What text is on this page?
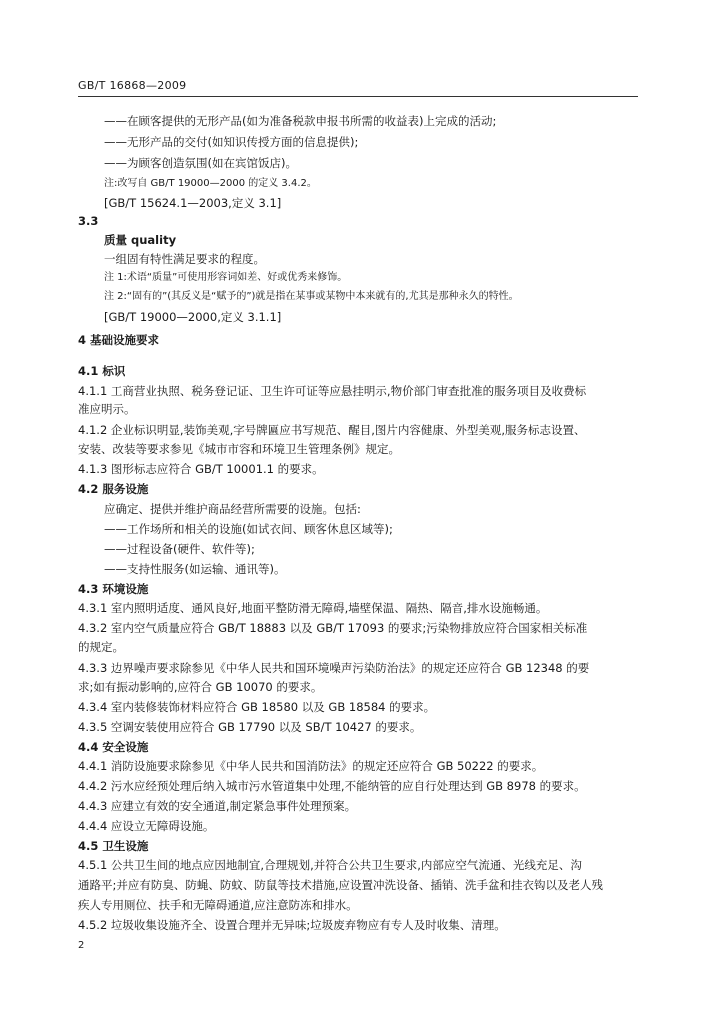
GB/T 16868—2009
——在顾客提供的无形产品(如为准备税款申报书所需的收益表)上完成的活动;
——无形产品的交付(如知识传授方面的信息提供);
——为顾客创造氛围(如在宾馆饭店)。
注:改写自 GB/T 19000—2000 的定义 3.4.2。
[GB/T 15624.1—2003,定义 3.1]
3.3
质量 quality
一组固有特性满足要求的程度。
注 1:术语“质量”可使用形容词如差、好或优秀来修饰。
注 2:“固有的”(其反义是“赋予的”)就是指在某事或某物中本来就有的,尤其是那种永久的特性。
[GB/T 19000—2000,定义 3.1.1]
4 基础设施要求
4.1 标识
4.1.1 工商营业执照、税务登记证、卫生许可证等应悬挂明示,物价部门审查批准的服务项目及收费标
准应明示。
4.1.2 企业标识明显,装饰美观,字号牌匾应书写规范、醒目,图片内容健康、外型美观,服务标志设置、
安装、改装等要求参见《城市市容和环境卫生管理条例》规定。
4.1.3 图形标志应符合 GB/T 10001.1 的要求。
4.2 服务设施
应确定、提供并维护商品经营所需要的设施。包括:
——工作场所和相关的设施(如试衣间、顾客休息区域等);
——过程设备(硬件、软件等);
——支持性服务(如运输、通讯等)。
4.3 环境设施
4.3.1 室内照明适度、通风良好,地面平整防滑无障碍,墙壁保温、隔热、隔音,排水设施畅通。
4.3.2 室内空气质量应符合 GB/T 18883 以及 GB/T 17093 的要求;污染物排放应符合国家相关标准
的规定。
4.3.3 边界噪声要求除参见《中华人民共和国环境噪声污染防治法》的规定还应符合 GB 12348 的要
求;如有振动影响的,应符合 GB 10070 的要求。
4.3.4 室内装修装饰材料应符合 GB 18580 以及 GB 18584 的要求。
4.3.5 空调安装使用应符合 GB 17790 以及 SB/T 10427 的要求。
4.4 安全设施
4.4.1 消防设施要求除参见《中华人民共和国消防法》的规定还应符合 GB 50222 的要求。
4.4.2 污水应经预处理后纳入城市污水管道集中处理,不能纳管的应自行处理达到 GB 8978 的要求。
4.4.3 应建立有效的安全通道,制定紧急事件处理预案。
4.4.4 应设立无障碍设施。
4.5 卫生设施
4.5.1 公共卫生间的地点应因地制宜,合理规划,并符合公共卫生要求,内部应空气流通、光线充足、沟
通路平;并应有防臭、防蝇、防蚊、防鼠等技术措施,应设置冲洗设备、插销、洗手盆和挂衣钩以及老人残
疾人专用厕位、扶手和无障碍通道,应注意防冻和排水。
4.5.2 垃圾收集设施齐全、设置合理并无异味;垃圾废弃物应有专人及时收集、清理。
2
